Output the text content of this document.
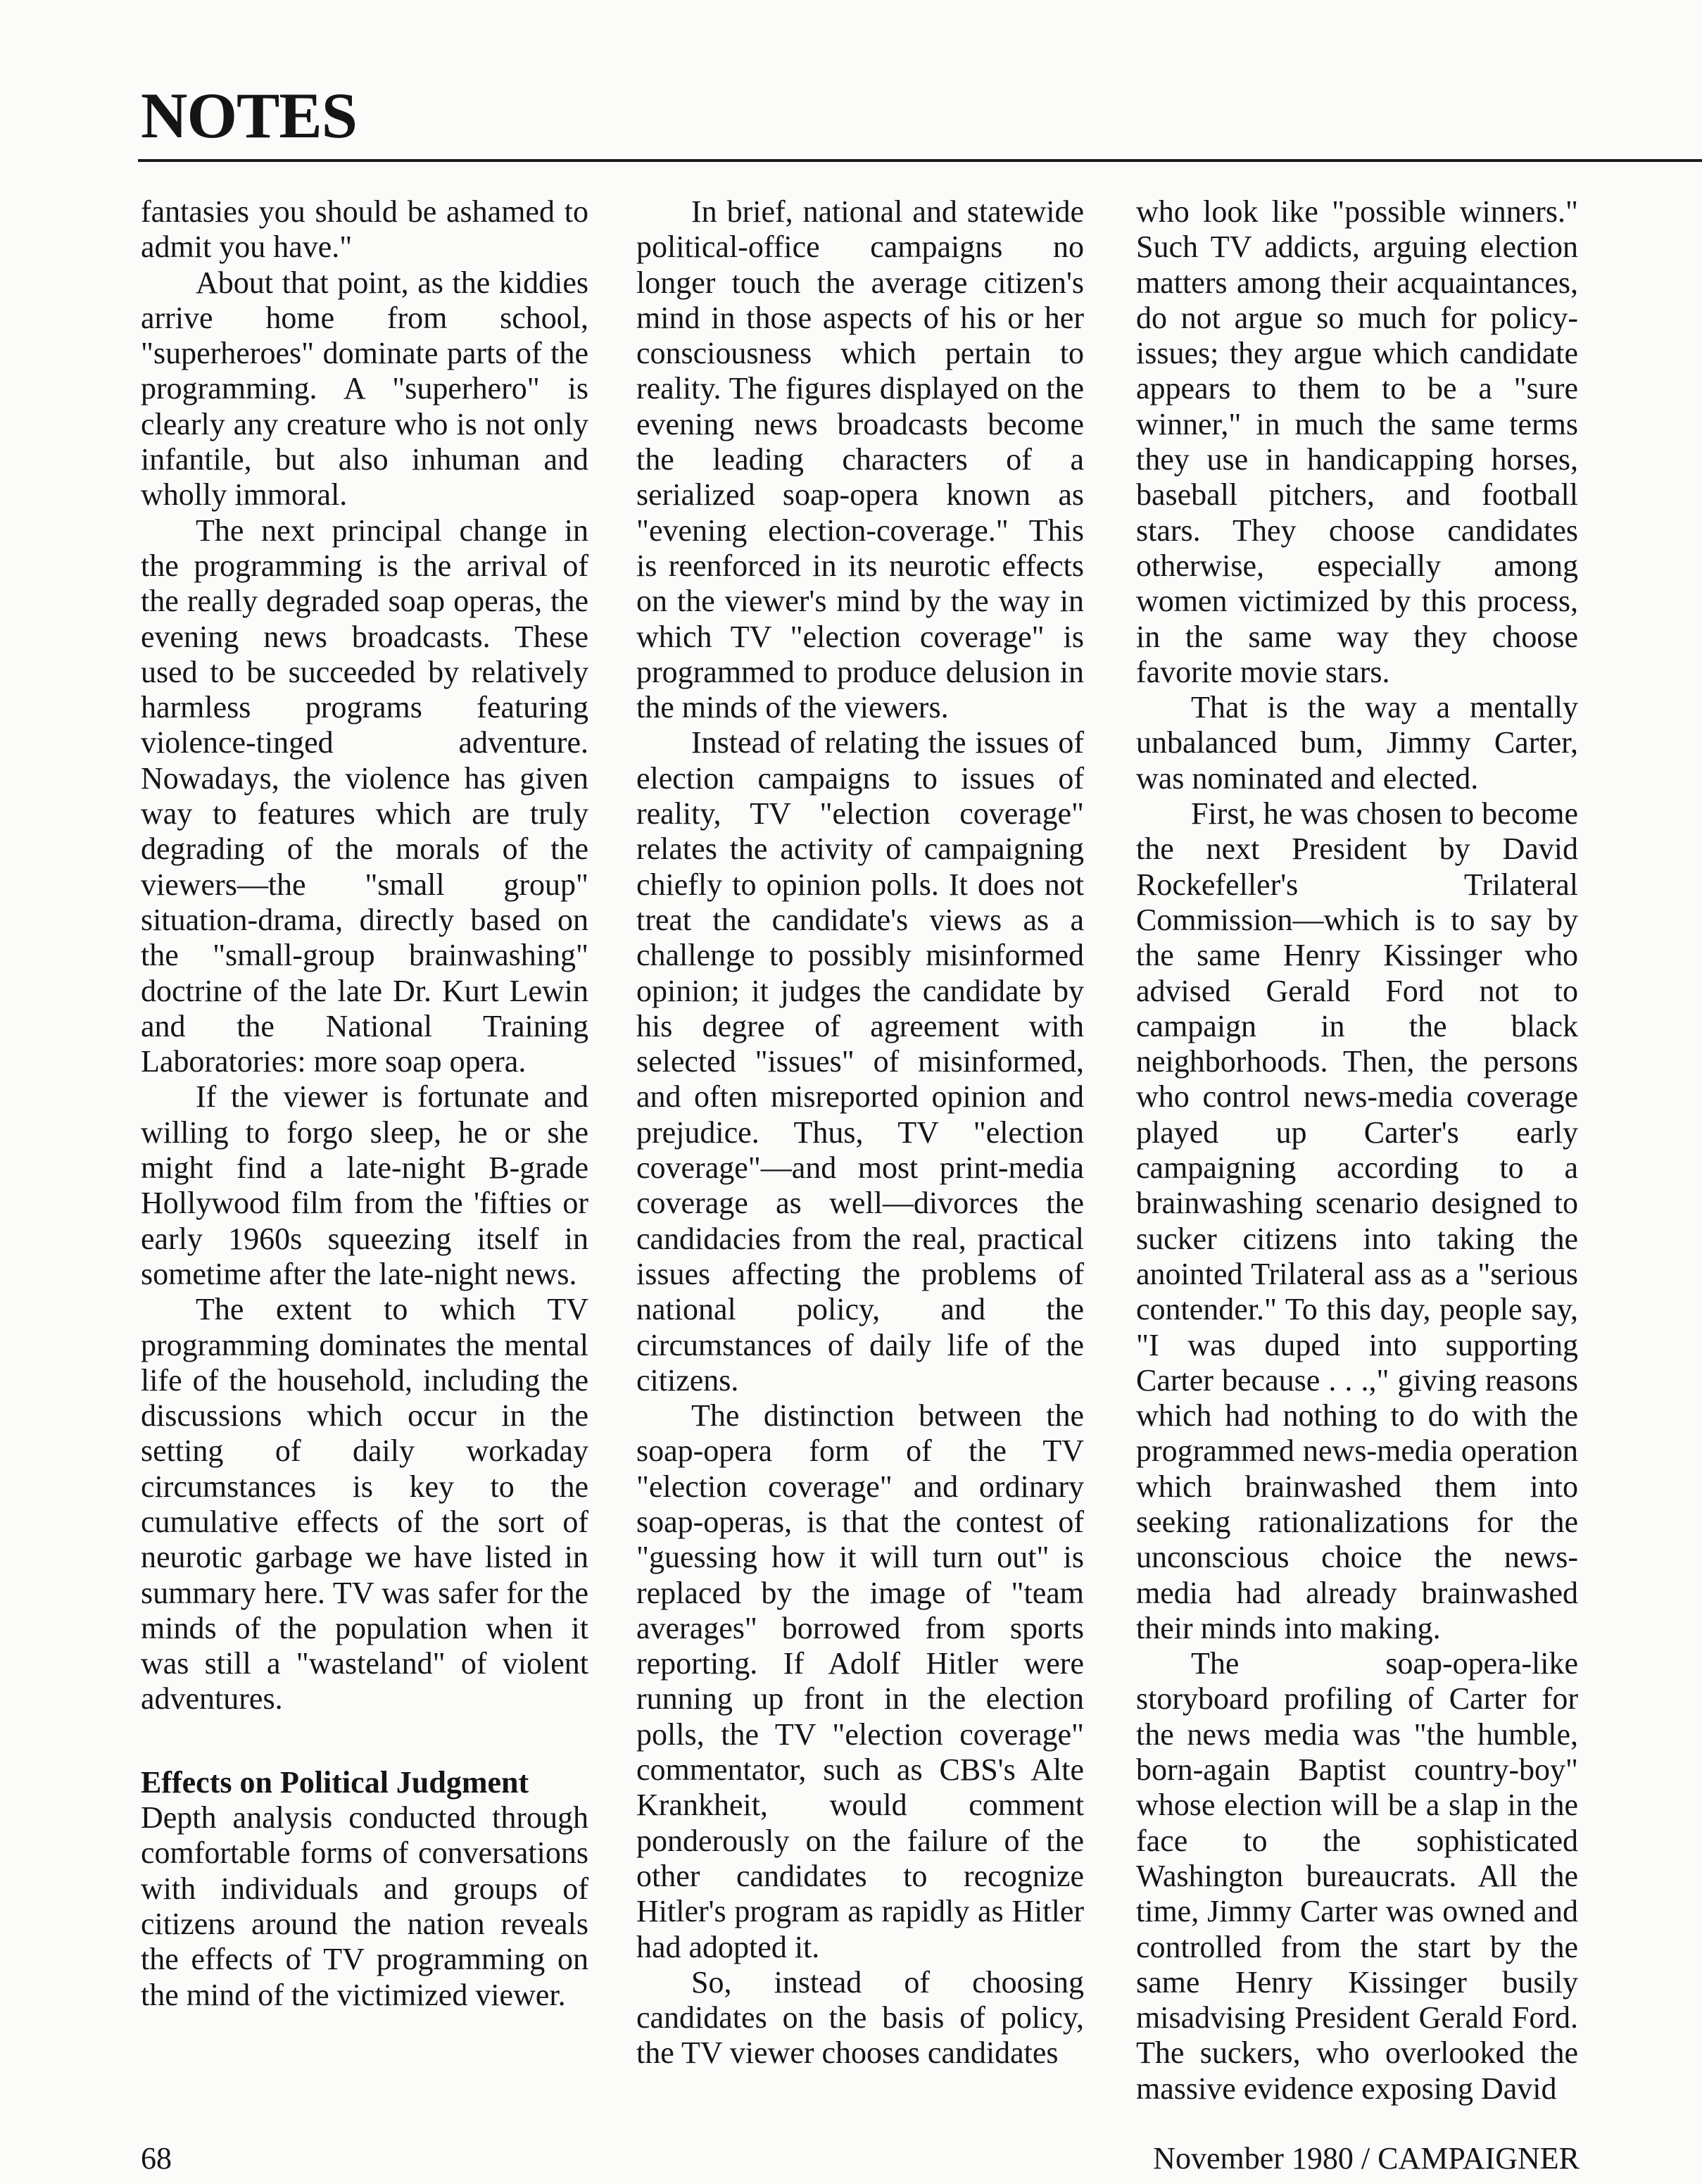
NOTES

fantasies you should be ashamed to admit you have."

About that point, as the kiddies arrive home from school, "superheroes" dominate parts of the programming. A "superhero" is clearly any creature who is not only infantile, but also inhuman and wholly immoral.

The next principal change in the programming is the arrival of the really degraded soap operas, the evening news broadcasts. These used to be succeeded by relatively harmless programs featuring violence-tinged adventure. Nowadays, the violence has given way to features which are truly degrading of the morals of the viewers—the "small group" situation-drama, directly based on the "small-group brainwashing" doctrine of the late Dr. Kurt Lewin and the National Training Laboratories: more soap opera.

If the viewer is fortunate and willing to forgo sleep, he or she might find a late-night B-grade Hollywood film from the 'fifties or early 1960s squeezing itself in sometime after the late-night news.

The extent to which TV programming dominates the mental life of the household, including the discussions which occur in the setting of daily workaday circumstances is key to the cumulative effects of the sort of neurotic garbage we have listed in summary here. TV was safer for the minds of the population when it was still a "wasteland" of violent adventures.

Effects on Political Judgment

Depth analysis conducted through comfortable forms of conversations with individuals and groups of citizens around the nation reveals the effects of TV programming on the mind of the victimized viewer.

In brief, national and statewide political-office campaigns no longer touch the average citizen's mind in those aspects of his or her consciousness which pertain to reality. The figures displayed on the evening news broadcasts become the leading characters of a serialized soap-opera known as "evening election-coverage." This is reenforced in its neurotic effects on the viewer's mind by the way in which TV "election coverage" is programmed to produce delusion in the minds of the viewers.

Instead of relating the issues of election campaigns to issues of reality, TV "election coverage" relates the activity of campaigning chiefly to opinion polls. It does not treat the candidate's views as a challenge to possibly misinformed opinion; it judges the candidate by his degree of agreement with selected "issues" of misinformed, and often misreported opinion and prejudice. Thus, TV "election coverage"—and most print-media coverage as well—divorces the candidacies from the real, practical issues affecting the problems of national policy, and the circumstances of daily life of the citizens.

The distinction between the soap-opera form of the TV "election coverage" and ordinary soap-operas, is that the contest of "guessing how it will turn out" is replaced by the image of "team averages" borrowed from sports reporting. If Adolf Hitler were running up front in the election polls, the TV "election coverage" commentator, such as CBS's Alte Krankheit, would comment ponderously on the failure of the other candidates to recognize Hitler's program as rapidly as Hitler had adopted it.

So, instead of choosing candidates on the basis of policy, the TV viewer chooses candidates

who look like "possible winners." Such TV addicts, arguing election matters among their acquaintances, do not argue so much for policy-issues; they argue which candidate appears to them to be a "sure winner," in much the same terms they use in handicapping horses, baseball pitchers, and football stars. They choose candidates otherwise, especially among women victimized by this process, in the same way they choose favorite movie stars.

That is the way a mentally unbalanced bum, Jimmy Carter, was nominated and elected.

First, he was chosen to become the next President by David Rockefeller's Trilateral Commission—which is to say by the same Henry Kissinger who advised Gerald Ford not to campaign in the black neighborhoods. Then, the persons who control news-media coverage played up Carter's early campaigning according to a brainwashing scenario designed to sucker citizens into taking the anointed Trilateral ass as a "serious contender." To this day, people say, "I was duped into supporting Carter because . . .," giving reasons which had nothing to do with the programmed news-media operation which brainwashed them into seeking rationalizations for the unconscious choice the news-media had already brainwashed their minds into making.

The soap-opera-like storyboard profiling of Carter for the news media was "the humble, born-again Baptist country-boy" whose election will be a slap in the face to the sophisticated Washington bureaucrats. All the time, Jimmy Carter was owned and controlled from the start by the same Henry Kissinger busily misadvising President Gerald Ford. The suckers, who overlooked the massive evidence exposing David

68	November 1980 / CAMPAIGNER
